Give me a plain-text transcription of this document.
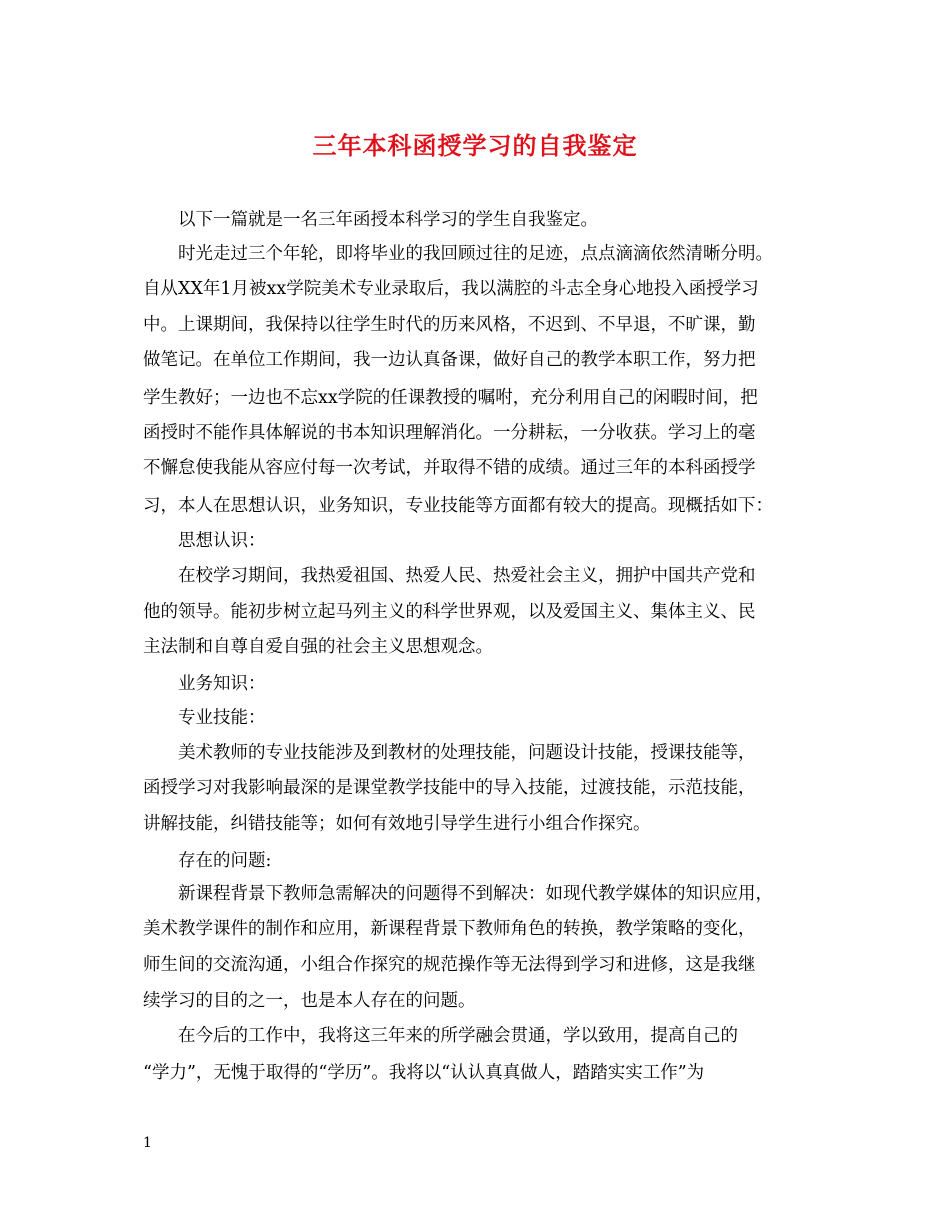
三年本科函授学习的自我鉴定
以下一篇就是一名三年函授本科学习的学生自我鉴定。
时光走过三个年轮，即将毕业的我回顾过往的足迹，点点滴滴依然清晰分明。
自从XX年1月被xx学院美术专业录取后，我以满腔的斗志全身心地投入函授学习
中。上课期间，我保持以往学生时代的历来风格，不迟到、不早退，不旷课，勤
做笔记。在单位工作期间，我一边认真备课，做好自己的教学本职工作，努力把
学生教好；一边也不忘xx学院的任课教授的嘱咐，充分利用自己的闲暇时间，把
函授时不能作具体解说的书本知识理解消化。一分耕耘，一分收获。学习上的毫
不懈怠使我能从容应付每一次考试，并取得不错的成绩。通过三年的本科函授学
习，本人在思想认识，业务知识，专业技能等方面都有较大的提高。现概括如下：
思想认识：
在校学习期间，我热爱祖国、热爱人民、热爱社会主义，拥护中国共产党和
他的领导。能初步树立起马列主义的科学世界观，以及爱国主义、集体主义、民
主法制和自尊自爱自强的社会主义思想观念。
业务知识：
专业技能：
美术教师的专业技能涉及到教材的处理技能，问题设计技能，授课技能等，
函授学习对我影响最深的是课堂教学技能中的导入技能，过渡技能，示范技能，
讲解技能，纠错技能等；如何有效地引导学生进行小组合作探究。
存在的问题:
新课程背景下教师急需解决的问题得不到解决：如现代教学媒体的知识应用，
美术教学课件的制作和应用，新课程背景下教师角色的转换，教学策略的变化，
师生间的交流沟通，小组合作探究的规范操作等无法得到学习和进修，这是我继
续学习的目的之一，也是本人存在的问题。
在今后的工作中，我将这三年来的所学融会贯通，学以致用，提高自己的
“学力”，无愧于取得的“学历”。我将以“认认真真做人，踏踏实实工作”为
1
